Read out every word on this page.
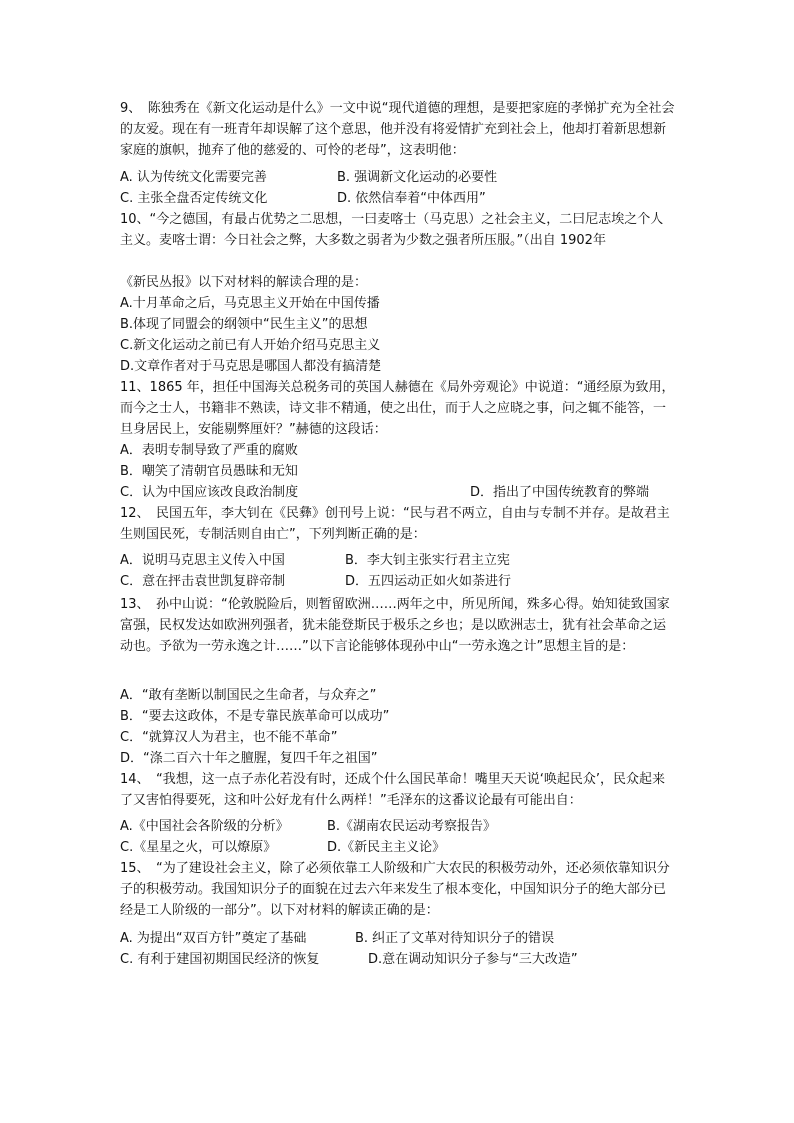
9、　陈独秀在《新文化运动是什么》一文中说“现代道德的理想，是要把家庭的孝悌扩充为全社会的友爱。现在有一班青年却误解了这个意思，他并没有将爱情扩充到社会上，他却打着新思想新家庭的旗帜，抛弃了他的慈爱的、可怜的老母”，这表明他：
A. 认为传统文化需要完善	B. 强调新文化运动的必要性
C. 主张全盘否定传统文化	D. 依然信奉着“中体西用”
10、“今之德国，有最占优势之二思想，一曰麦喀士（马克思）之社会主义，二曰尼志埃之个人主义。麦喀士谓：今日社会之弊，大多数之弱者为少数之强者所压服。”（出自 1902年
《新民丛报》以下对材料的解读合理的是：
A.十月革命之后，马克思主义开始在中国传播
B.体现了同盟会的纲领中“民生主义”的思想
C.新文化运动之前已有人开始介绍马克思主义
D.文章作者对于马克思是哪国人都没有搞清楚
11、1865 年，担任中国海关总税务司的英国人赫德在《局外旁观论》中说道：“通经原为致用，而今之士人，书籍非不熟读，诗文非不精通，使之出仕，而于人之应晓之事，问之辄不能答，一旦身居民上，安能剔弊厘奸？”赫德的这段话：
A．表明专制导致了严重的腐败
B．嘲笑了清朝官员愚昧和无知
C．认为中国应该改良政治制度	D．指出了中国传统教育的弊端
12、　民国五年，李大钊在《民彝》创刊号上说：“民与君不两立，自由与专制不并存。是故君主生则国民死，专制活则自由亡”，下列判断正确的是：
A．说明马克思主义传入中国	B．李大钊主张实行君主立宪
C．意在抨击袁世凯复辟帝制	D．五四运动正如火如荼进行
13、　孙中山说：“伦敦脱险后，则暂留欧洲……两年之中，所见所闻，殊多心得。始知徒致国家富强，民权发达如欧洲列强者，犹未能登斯民于极乐之乡也；是以欧洲志士，犹有社会革命之运动也。予欲为一劳永逸之计……”以下言论能够体现孙中山“一劳永逸之计”思想主旨的是：
A．“敢有垄断以制国民之生命者，与众弃之”
B．“要去这政体，不是专靠民族革命可以成功”
C．“就算汉人为君主，也不能不革命”
D．“涤二百六十年之膻腥，复四千年之祖国”
14、　“我想，这一点子赤化若没有时，还成个什么国民革命！嘴里天天说‘唤起民众’，民众起来了又害怕得要死，这和叶公好龙有什么两样！”毛泽东的这番议论最有可能出自：
A.《中国社会各阶级的分析》	B.《湖南农民运动考察报告》
C.《星星之火，可以燎原》	D.《新民主主义论》
15、　“为了建设社会主义，除了必须依靠工人阶级和广大农民的积极劳动外，还必须依靠知识分子的积极劳动。我国知识分子的面貌在过去六年来发生了根本变化，中国知识分子的绝大部分已经是工人阶级的一部分”。以下对材料的解读正确的是：
A. 为提出“双百方针”奠定了基础	B. 纠正了文革对待知识分子的错误
C. 有利于建国初期国民经济的恢复	D.意在调动知识分子参与“三大改造”
